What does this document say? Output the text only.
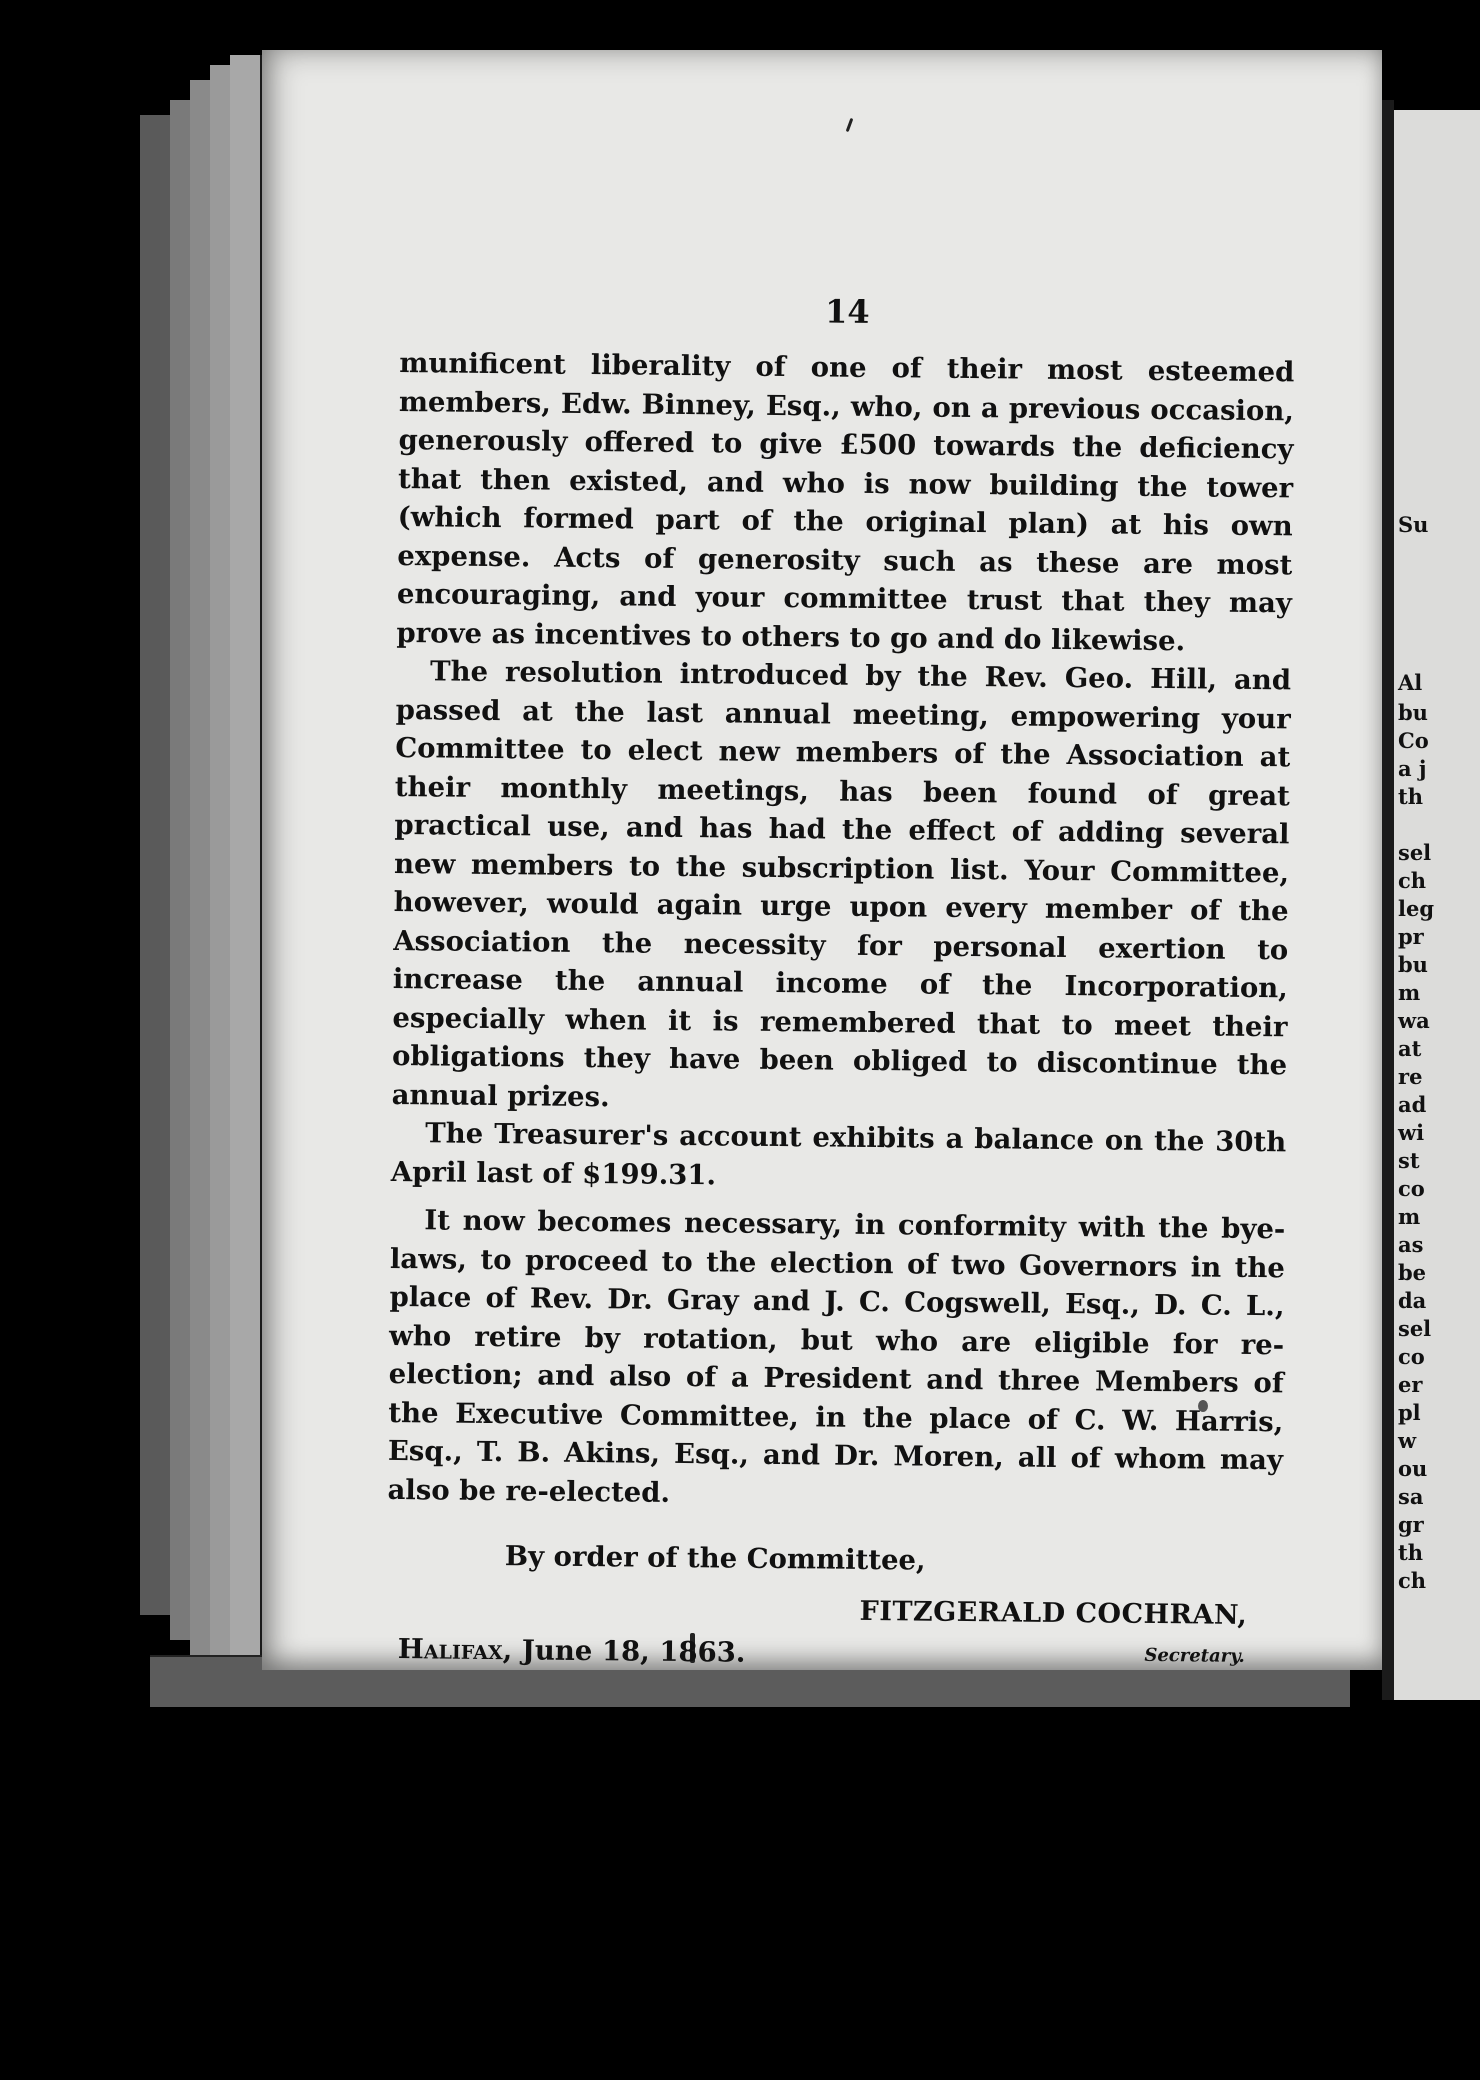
Su
Al
bu
Co
a j
th
sel
ch
leg
pr
bu
m
wa
at
re
ad
wi
st
co
m
as
be
da
sel
co
er
pl
w
ou
sa
gr
th
ch
14

munificent liberality of one of their most esteemed members, Edw. Binney, Esq., who, on a previous occasion, generously offered to give £500 towards the deficiency that then existed, and who is now building the tower (which formed part of the original plan) at his own expense. Acts of generosity such as these are most encouraging, and your committee trust that they may prove as incentives to others to go and do likewise.

The resolution introduced by the Rev. Geo. Hill, and passed at the last annual meeting, empowering your Committee to elect new members of the Association at their monthly meetings, has been found of great practical use, and has had the effect of adding several new members to the subscription list. Your Committee, however, would again urge upon every member of the Association the necessity for personal exertion to increase the annual income of the Incorporation, especially when it is remembered that to meet their obligations they have been obliged to discontinue the annual prizes.

The Treasurer's account exhibits a balance on the 30th April last of $199.31.

It now becomes necessary, in conformity with the bye-laws, to proceed to the election of two Governors in the place of Rev. Dr. Gray and J. C. Cogswell, Esq., D. C. L., who retire by rotation, but who are eligible for re-election; and also of a President and three Members of the Executive Committee, in the place of C. W. Harris, Esq., T. B. Akins, Esq., and Dr. Moren, all of whom may also be re-elected.

By order of the Committee,
FITZGERALD COCHRAN,
Secretary.
Halifax, June 18, 1863.
